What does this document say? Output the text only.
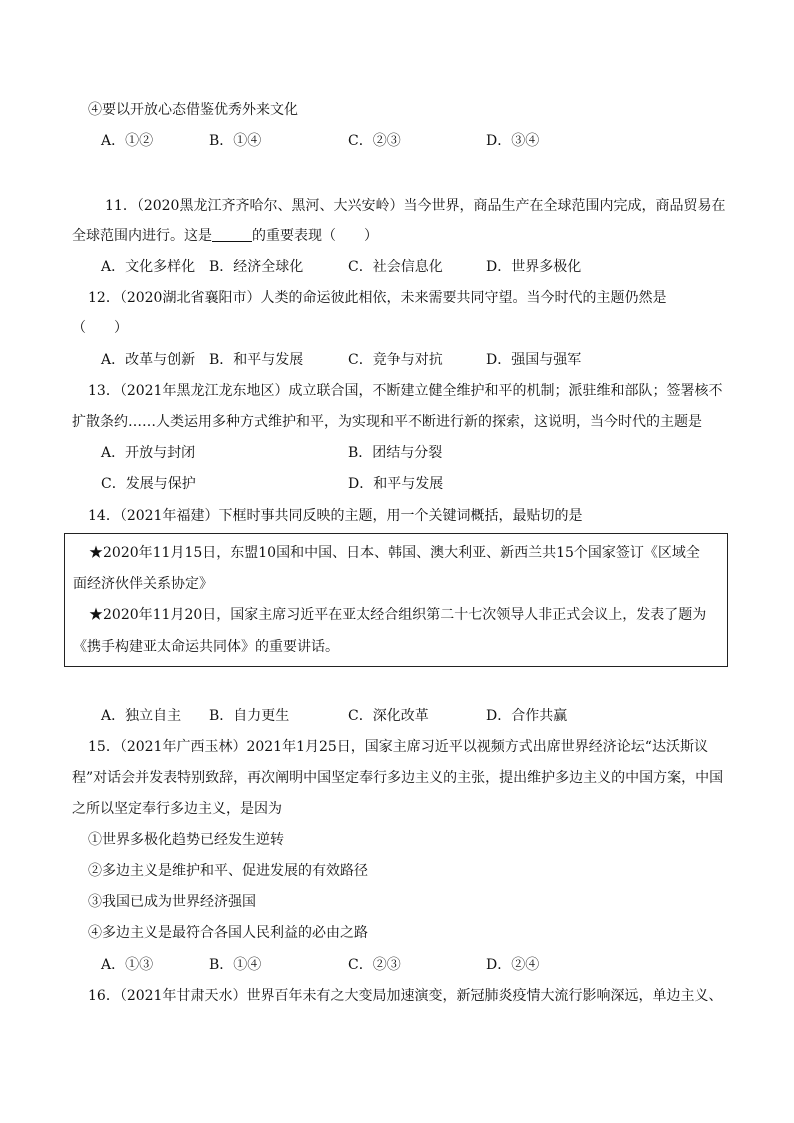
④要以开放心态借鉴优秀外来文化
A．①②	B．①④	C．②③	D．③④
11．（2020黑龙江齐齐哈尔、黑河、大兴安岭）当今世界，商品生产在全球范围内完成，商品贸易在
全球范围内进行。这是	的重要表现（　　）
A．文化多样化 B．经济全球化	C．社会信息化	D．世界多极化
12．（2020湖北省襄阳市）人类的命运彼此相依，未来需要共同守望。当今时代的主题仍然是
（　　）
A．改革与创新 B．和平与发展	C．竞争与对抗	D．强国与强军
13．（2021年黑龙江龙东地区）成立联合国，不断建立健全维护和平的机制；派驻维和部队；签署核不
扩散条约……人类运用多种方式维护和平，为实现和平不断进行新的探索，这说明，当今时代的主题是
A．开放与封闭	B．团结与分裂
C．发展与保护	D．和平与发展
14．（2021年福建）下框时事共同反映的主题，用一个关键词概括，最贴切的是
★2020年11月15日，东盟10国和中国、日本、韩国、澳大利亚、新西兰共15个国家签订《区域全
面经济伙伴关系协定》
★2020年11月20日，国家主席习近平在亚太经合组织第二十七次领导人非正式会议上，发表了题为
《携手构建亚太命运共同体》的重要讲话。
A．独立自主 B．自力更生	C．深化改革	D．合作共赢
15．（2021年广西玉林）2021年1月25日，国家主席习近平以视频方式出席世界经济论坛“达沃斯议
程”对话会并发表特别致辞，再次阐明中国坚定奉行多边主义的主张，提出维护多边主义的中国方案，中国
之所以坚定奉行多边主义，是因为
①世界多极化趋势已经发生逆转
②多边主义是维护和平、促进发展的有效路径
③我国已成为世界经济强国
④多边主义是最符合各国人民利益的必由之路
A．①③	B．①④	C．②③	D．②④
16．（2021年甘肃天水）世界百年未有之大变局加速演变，新冠肺炎疫情大流行影响深远，单边主义、
